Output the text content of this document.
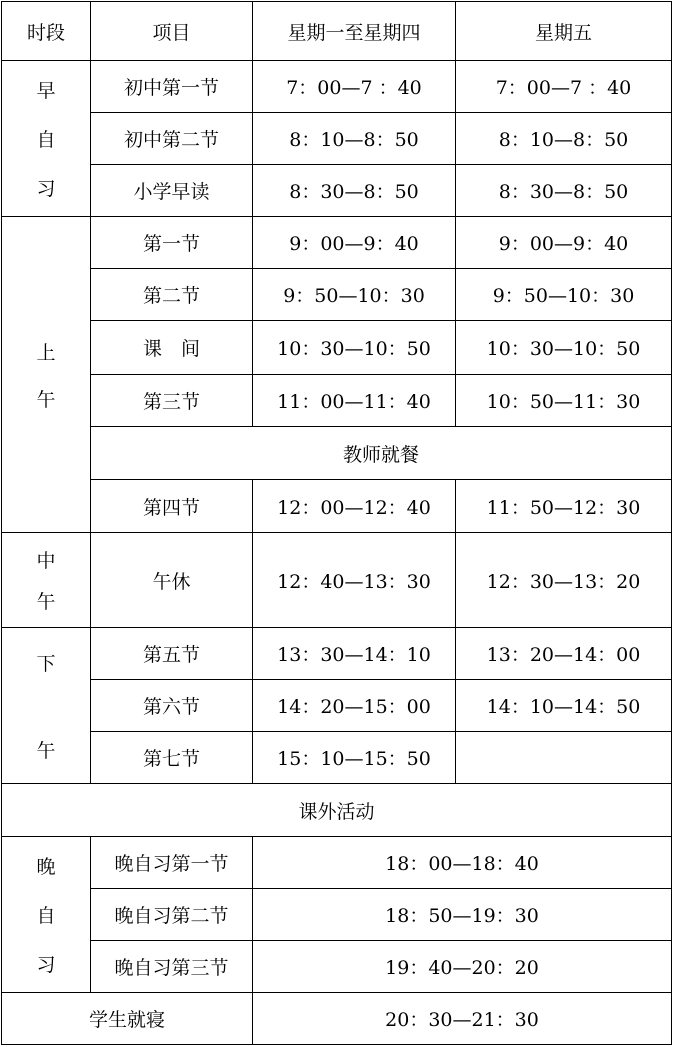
时段	项目	星期一至星期四	星期五

早
自
习	初中第一节	7：00—7 ：40	7：00—7 ：40
	初中第二节	8：10—8：50	8：10—8：50
	小学早读	8：30—8：50	8：30—8：50

上
午	第一节	9：00—9：40	9：00—9：40
	第二节	9：50—10：30	9：50—10：30
	课　间	10：30—10：50	10：30—10：50
	第三节	11：00—11：40	10：50—11：30
	教师就餐		
	第四节	12：00—12：40	11：50—12：30

中
午	午休	12：40—13：30	12：30—13：20

下
午	第五节	13：30—14：10	13：20—14：00
	第六节	14：20—15：00	14：10—14：50
	第七节	15：10—15：50	
课外活动			

晚
自
习	晚自习第一节	18：00—18：40	
	晚自习第二节	18：50—19：30	
	晚自习第三节	19：40—20：20	
学生就寝		20：30—21：30	
